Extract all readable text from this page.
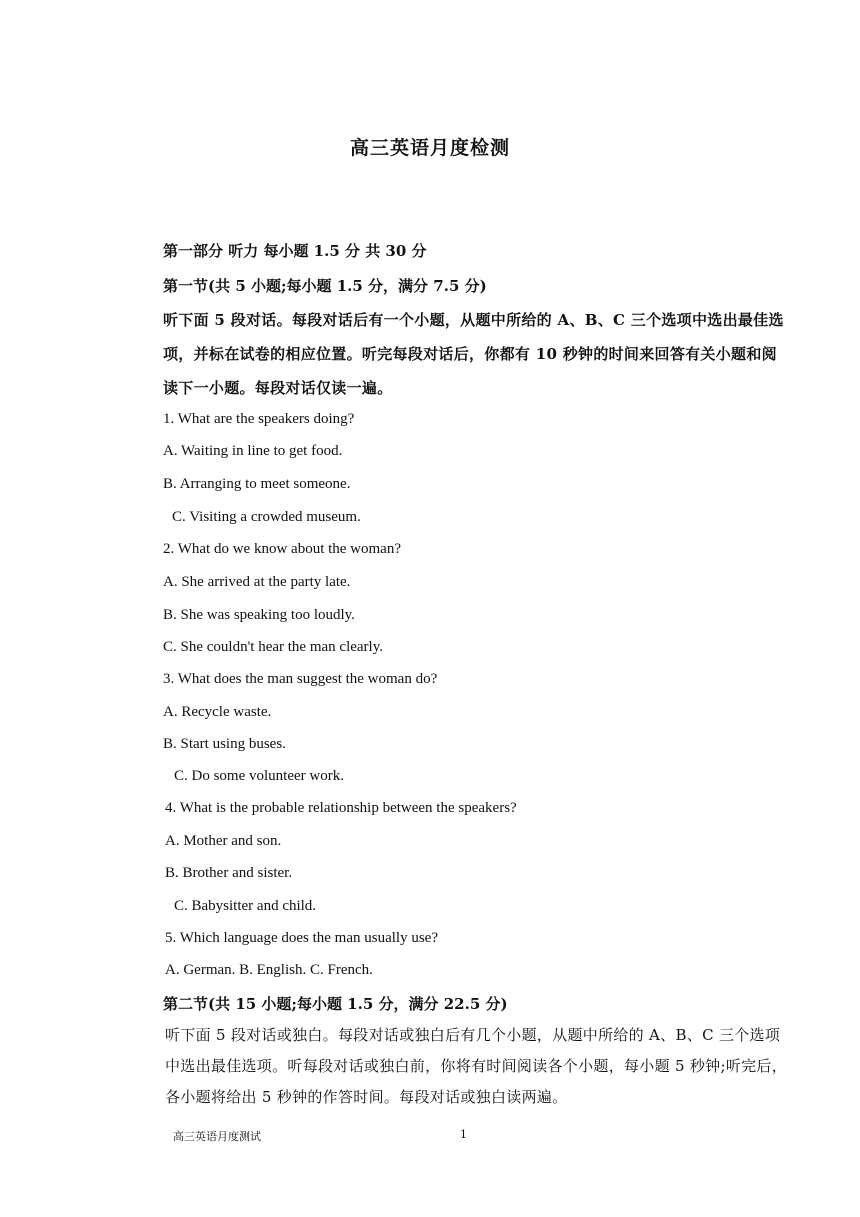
高三英语月度检测
第一部分 听力 每小题 1.5 分 共 30 分
第一节(共 5 小题;每小题 1.5 分，满分 7.5 分)
听下面 5 段对话。每段对话后有一个小题，从题中所给的 A、B、C 三个选项中选出最佳选
项，并标在试卷的相应位置。听完每段对话后，你都有 10 秒钟的时间来回答有关小题和阅
读下一小题。每段对话仅读一遍。
1. What are the speakers doing?
A. Waiting in line to get food.
B. Arranging to meet someone.
C. Visiting a crowded museum.
2. What do we know about the woman?
A. She arrived at the party late.
B. She was speaking too loudly.
C. She couldn't hear the man clearly.
3. What does the man suggest the woman do?
A. Recycle waste.
B. Start using buses.
C. Do some volunteer work.
4. What is the probable relationship between the speakers?
A. Mother and son.
B. Brother and sister.
C. Babysitter and child.
5. Which language does the man usually use?
A. German. B. English. C. French.
第二节(共 15 小题;每小题 1.5 分，满分 22.5 分)
听下面 5 段对话或独白。每段对话或独白后有几个小题，从题中所给的 A、B、C 三个选项
中选出最佳选项。听每段对话或独白前，你将有时间阅读各个小题，每小题 5 秒钟;听完后，
各小题将给出 5 秒钟的作答时间。每段对话或独白读两遍。
高三英语月度测试	1
